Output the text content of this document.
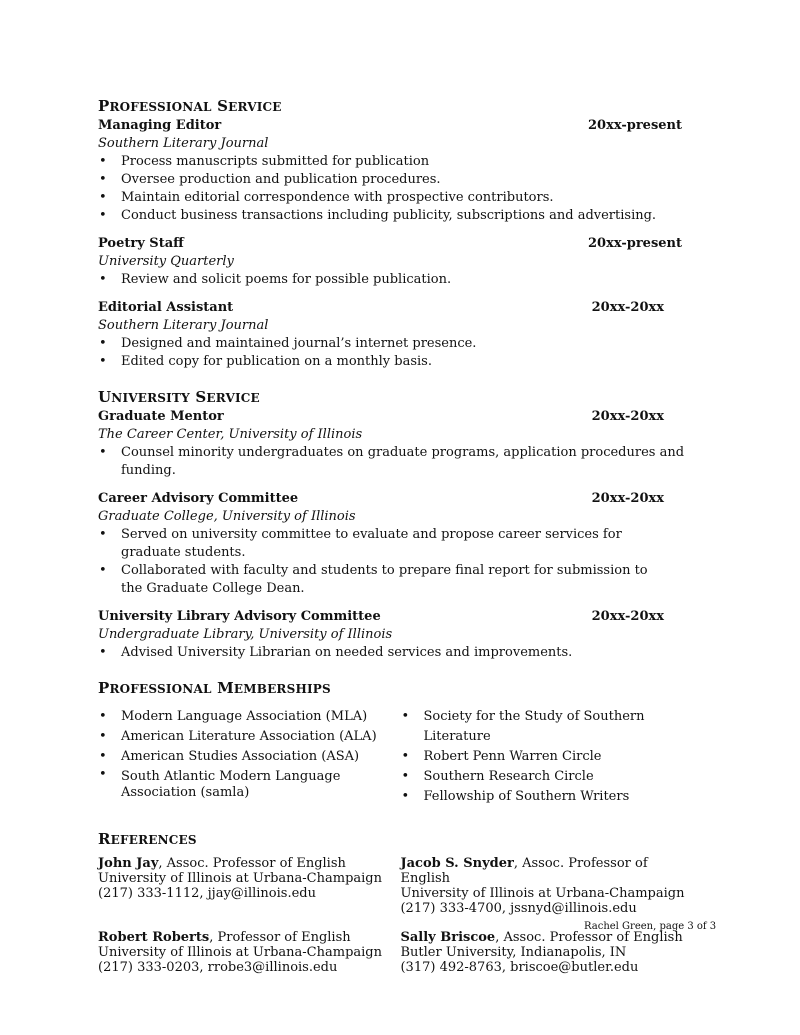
PROFESSIONAL SERVICE
Managing Editor	20xx-present
Southern Literary Journal
• Process manuscripts submitted for publication
• Oversee production and publication procedures.
• Maintain editorial correspondence with prospective contributors.
• Conduct business transactions including publicity, subscriptions and advertising.
Poetry Staff	20xx-present
University Quarterly
• Review and solicit poems for possible publication.
Editorial Assistant	20xx-20xx
Southern Literary Journal
• Designed and maintained journal’s internet presence.
• Edited copy for publication on a monthly basis.
UNIVERSITY SERVICE
Graduate Mentor	20xx-20xx
The Career Center, University of Illinois
• Counsel minority undergraduates on graduate programs, application procedures and funding.
Career Advisory Committee	20xx-20xx
Graduate College, University of Illinois
• Served on university committee to evaluate and propose career services for graduate students.
• Collaborated with faculty and students to prepare final report for submission to the Graduate College Dean.
University Library Advisory Committee	20xx-20xx
Undergraduate Library, University of Illinois
• Advised University Librarian on needed services and improvements.
PROFESSIONAL MEMBERSHIPS
• Modern Language Association (MLA)
• American Literature Association (ALA)
• American Studies Association (ASA)
• South Atlantic Modern Language Association (samla)
• Society for the Study of Southern Literature
• Robert Penn Warren Circle
• Southern Research Circle
• Fellowship of Southern Writers
REFERENCES
John Jay, Assoc. Professor of English
University of Illinois at Urbana-Champaign
(217) 333-1112, jjay@illinois.edu
Jacob S. Snyder, Assoc. Professor of English
University of Illinois at Urbana-Champaign
(217) 333-4700, jssnyd@illinois.edu
Robert Roberts, Professor of English
University of Illinois at Urbana-Champaign
(217) 333-0203, rrobe3@illinois.edu
Sally Briscoe, Assoc. Professor of English
Butler University, Indianapolis, IN
(317) 492-8763, briscoe@butler.edu
Rachel Green, page 3 of 3
